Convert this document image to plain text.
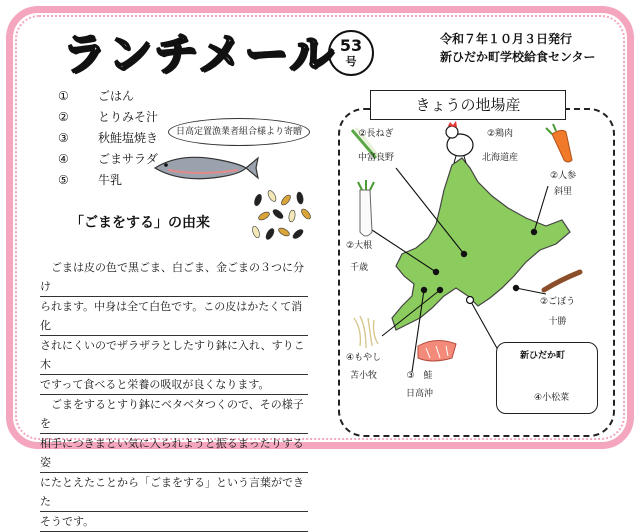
ランチメール 53
号
令和７年１０月３日発行
新ひだか町学校給食センター
①	ごはん
②	とりみそ汁
③	秋鮭塩焼き
④	ごまサラダ
⑤	牛乳
日高定置漁業者組合様より寄贈
「ごまをする」の由来
ごまは皮の色で黒ごま、白ごま、金ごまの３つに分け
られます。中身は全て白色です。この皮はかたくて消化
されにくいのでザラザラとしたすり鉢に入れ、すりこ木
ですって食べると栄養の吸収が良くなります。
ごまをするとすり鉢にベタベタつくので、その様子を
相手につきまとい気に入られようと振るまったりする姿
にたとえたことから「ごまをする」という言葉ができた
そうです。
きょうの地場産
②長ねぎ
中富良野
②鶏肉
北海道産
②人参
斜里
②大根
千歳
②ごぼう
十勝
④もやし
苫小牧	③　鮭
日高沖
新ひだか町
④小松菜
